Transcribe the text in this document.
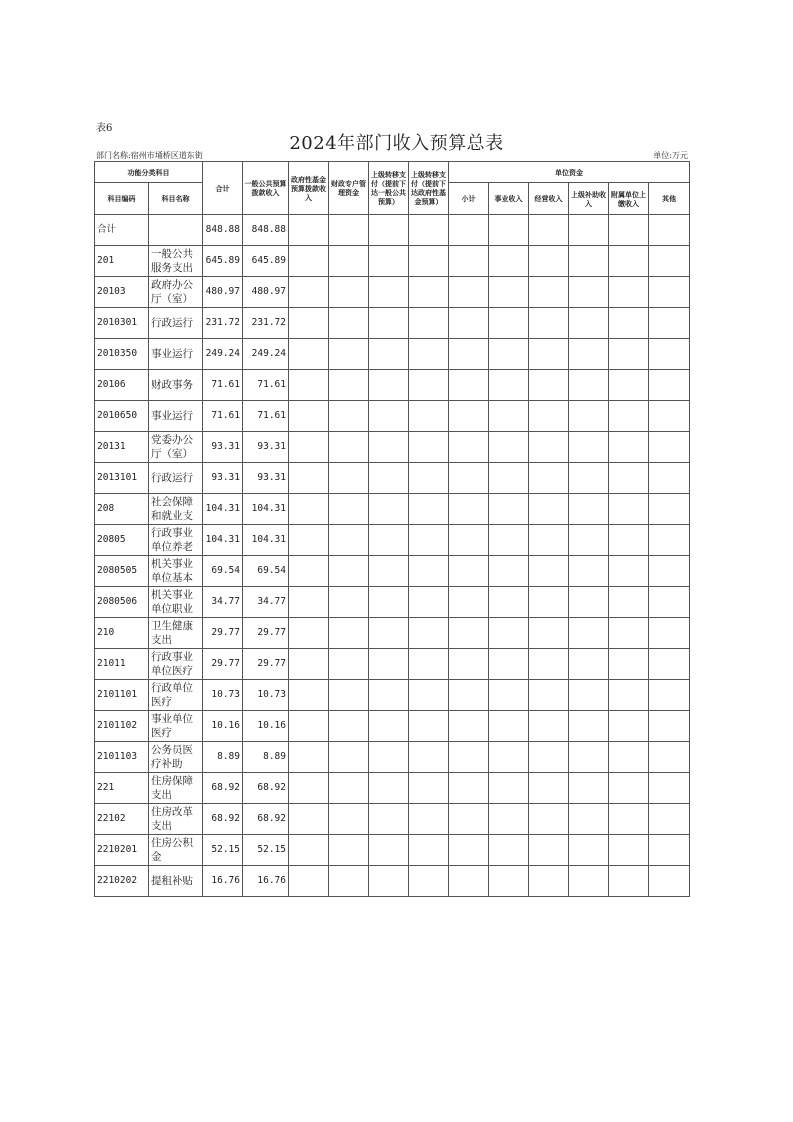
表6
2024年部门收入预算总表
部门名称:宿州市埇桥区道东街	单位:万元
功能分类科目		合计	一般公共预算拨款收入	政府性基金预算拨款收入	财政专户管理资金	上级转移支付（提前下达一般公共预算）	上级转移支付（提前下达政府性基金预算）	单位资金					
科目编码	科目名称							小计	事业收入	经营收入	上级补助收入	附属单位上缴收入	其他

合计		848.88	848.88										

201	一般公共服务支出	645.89	645.89										

20103	政府办公厅（室）	480.97	480.97										

2010301	行政运行	231.72	231.72										

2010350	事业运行	249.24	249.24										

20106	财政事务	71.61	71.61										

2010650	事业运行	71.61	71.61										

20131	党委办公厅（室）	93.31	93.31										

2013101	行政运行	93.31	93.31										

208	社会保障和就业支	104.31	104.31										

20805	行政事业单位养老	104.31	104.31										

2080505	机关事业单位基本	69.54	69.54										

2080506	机关事业单位职业	34.77	34.77										

210	卫生健康支出	29.77	29.77										

21011	行政事业单位医疗	29.77	29.77										

2101101	行政单位医疗	10.73	10.73										

2101102	事业单位医疗	10.16	10.16										

2101103	公务员医疗补助	8.89	8.89										

221	住房保障支出	68.92	68.92										

22102	住房改革支出	68.92	68.92										

2210201	住房公积金	52.15	52.15										

2210202	提租补贴	16.76	16.76										
